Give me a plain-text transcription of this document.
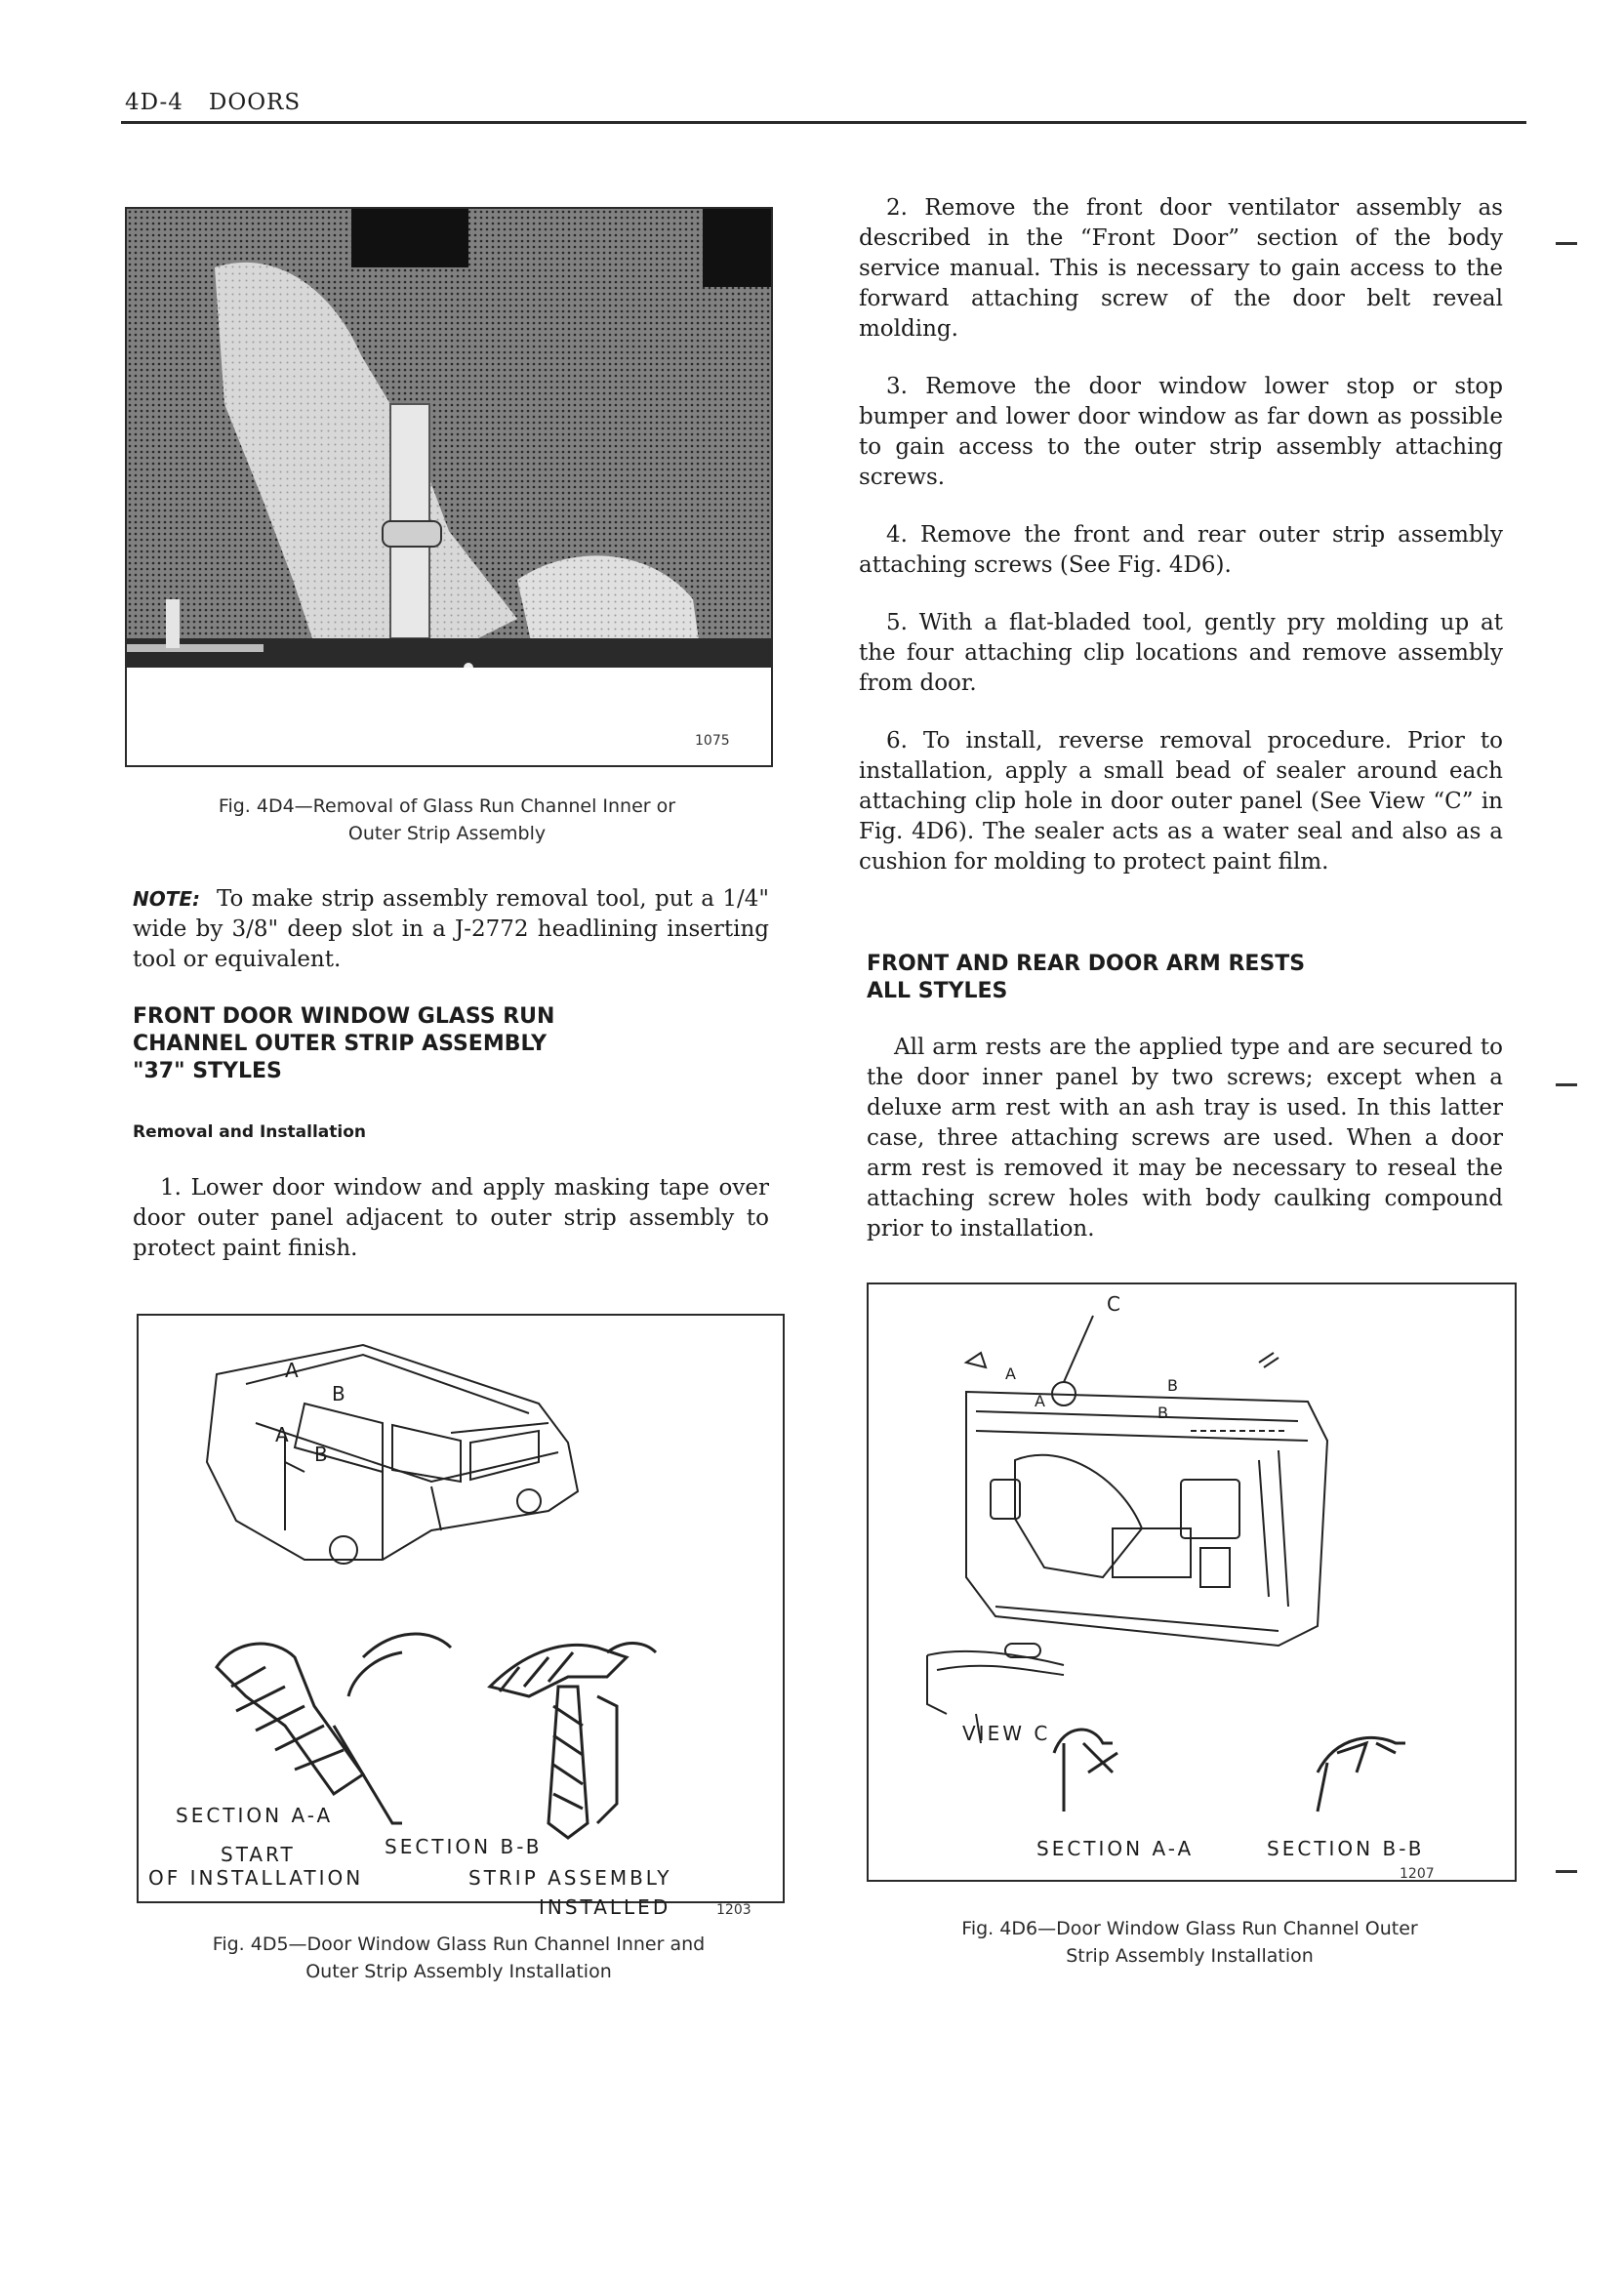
4D-4 DOORS
1075
Fig. 4D4—Removal of Glass Run Channel Inner or
Outer Strip Assembly

NOTE: To make strip assembly removal tool, put a 1/4" wide by 3/8" deep slot in a J-2772 headlining inserting tool or equivalent.

FRONT DOOR WINDOW GLASS RUN
CHANNEL OUTER STRIP ASSEMBLY
"37" STYLES
Removal and Installation

1. Lower door window and apply masking tape over door outer panel adjacent to outer strip assembly to protect paint finish.

A
B
A
B
SECTION A-A
START	SECTION B-B
OF INSTALLATION	STRIP ASSEMBLY
INSTALLED	1203
Fig. 4D5—Door Window Glass Run Channel Inner and
Outer Strip Assembly Installation

2. Remove the front door ventilator assembly as described in the “Front Door” section of the body service manual. This is necessary to gain access to the forward attaching screw of the door belt reveal molding.

3. Remove the door window lower stop or stop bumper and lower door window as far down as possible to gain access to the outer strip assembly attaching screws.

4. Remove the front and rear outer strip assembly attaching screws (See Fig. 4D6).

5. With a flat-bladed tool, gently pry molding up at the four attaching clip locations and remove assembly from door.

6. To install, reverse removal procedure. Prior to installation, apply a small bead of sealer around each attaching clip hole in door outer panel (See View “C” in Fig. 4D6). The sealer acts as a water seal and also as a cushion for molding to protect paint film.

FRONT AND REAR DOOR ARM RESTS
ALL STYLES

All arm rests are the applied type and are secured to the door inner panel by two screws; except when a deluxe arm rest with an ash tray is used. In this latter case, three attaching screws are used. When a door arm rest is removed it may be necessary to reseal the attaching screw holes with body caulking compound prior to installation.

C
A
A
B
B
VIEW C
SECTION A-A	SECTION B-B
1207
Fig. 4D6—Door Window Glass Run Channel Outer
Strip Assembly Installation
